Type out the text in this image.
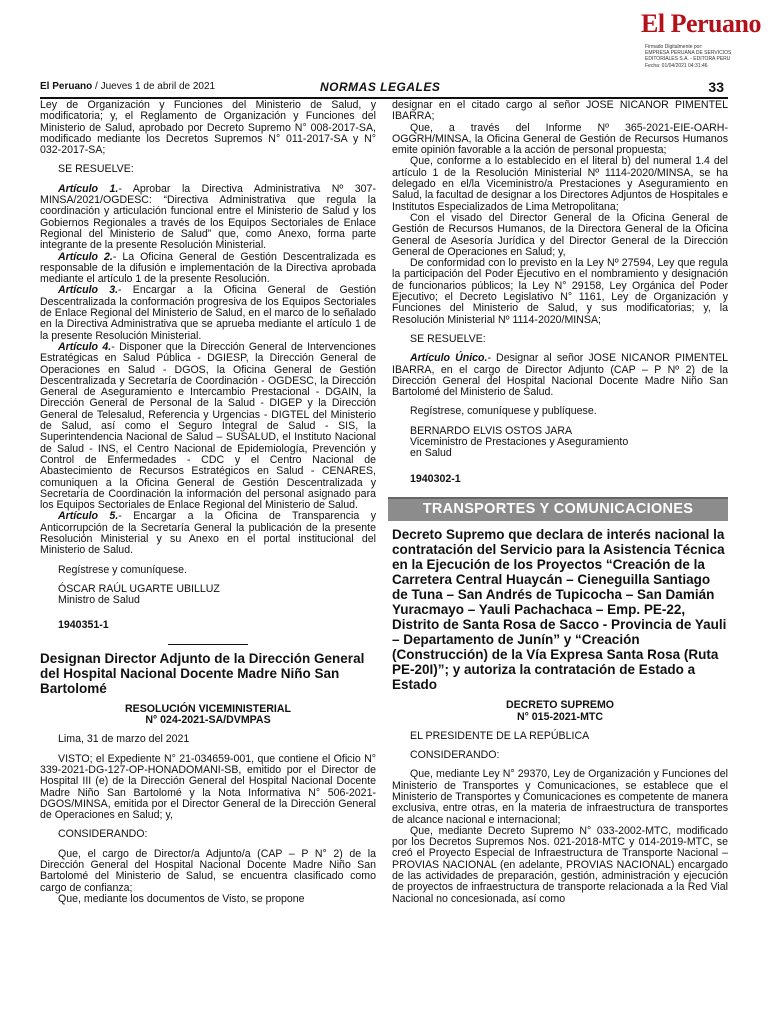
El Peruano
Firmado Digitalmente por:
EMPRESA PERUANA DE SERVICIOS
EDITORIALES S.A. - EDITORA PERU
Fecha: 01/04/2021 04:31:46
El Peruano / Jueves 1 de abril de 2021	NORMAS LEGALES	33

Ley de Organización y Funciones del Ministerio de Salud, y modificatoria; y, el Reglamento de Organización y Funciones del Ministerio de Salud, aprobado por Decreto Supremo N° 008-2017-SA, modificado mediante los Decretos Supremos N° 011-2017-SA y N° 032-2017-SA;

SE RESUELVE:

Artículo 1.- Aprobar la Directiva Administrativa Nº 307-MINSA/2021/OGDESC: “Directiva Administrativa que regula la coordinación y articulación funcional entre el Ministerio de Salud y los Gobiernos Regionales a través de los Equipos Sectoriales de Enlace Regional del Ministerio de Salud” que, como Anexo, forma parte integrante de la presente Resolución Ministerial.

Artículo 2.- La Oficina General de Gestión Descentralizada es responsable de la difusión e implementación de la Directiva aprobada mediante el artículo 1 de la presente Resolución.

Artículo 3.- Encargar a la Oficina General de Gestión Descentralizada la conformación progresiva de los Equipos Sectoriales de Enlace Regional del Ministerio de Salud, en el marco de lo señalado en la Directiva Administrativa que se aprueba mediante el artículo 1 de la presente Resolución Ministerial.

Artículo 4.- Disponer que la Dirección General de Intervenciones Estratégicas en Salud Pública - DGIESP, la Dirección General de Operaciones en Salud - DGOS, la Oficina General de Gestión Descentralizada y Secretaría de Coordinación - OGDESC, la Dirección General de Aseguramiento e Intercambio Prestacional - DGAIN, la Dirección General de Personal de la Salud - DIGEP y la Dirección General de Telesalud, Referencia y Urgencias - DIGTEL del Ministerio de Salud, así como el Seguro Integral de Salud - SIS, la Superintendencia Nacional de Salud – SUSALUD, el Instituto Nacional de Salud - INS, el Centro Nacional de Epidemiología, Prevención y Control de Enfermedades - CDC y el Centro Nacional de Abastecimiento de Recursos Estratégicos en Salud - CENARES, comuniquen a la Oficina General de Gestión Descentralizada y Secretaría de Coordinación la información del personal asignado para los Equipos Sectoriales de Enlace Regional del Ministerio de Salud.

Artículo 5.- Encargar a la Oficina de Transparencia y Anticorrupción de la Secretaría General la publicación de la presente Resolución Ministerial y su Anexo en el portal institucional del Ministerio de Salud.

Regístrese y comuníquese.

ÓSCAR RAÚL UGARTE UBILLUZ

Ministro de Salud

1940351-1
Designan Director Adjunto de la Dirección General del Hospital Nacional Docente Madre Niño San Bartolomé
RESOLUCIÓN VICEMINISTERIAL
N° 024-2021-SA/DVMPAS

Lima, 31 de marzo del 2021

VISTO; el Expediente N° 21-034659-001, que contiene el Oficio N° 339-2021-DG-127-OP-HONADOMANI-SB, emitido por el Director de Hospital III (e) de la Dirección General del Hospital Nacional Docente Madre Niño San Bartolomé y la Nota Informativa N° 506-2021-DGOS/MINSA, emitida por el Director General de la Dirección General de Operaciones en Salud; y,

CONSIDERANDO:

Que, el cargo de Director/a Adjunto/a (CAP – P N° 2) de la Dirección General del Hospital Nacional Docente Madre Niño San Bartolomé del Ministerio de Salud, se encuentra clasificado como cargo de confianza;

Que, mediante los documentos de Visto, se propone

designar en el citado cargo al señor JOSE NICANOR PIMENTEL IBARRA;

Que, a través del Informe Nº 365-2021-EIE-OARH-OGGRH/MINSA, la Oficina General de Gestión de Recursos Humanos emite opinión favorable a la acción de personal propuesta;

Que, conforme a lo establecido en el literal b) del numeral 1.4 del artículo 1 de la Resolución Ministerial Nº 1114-2020/MINSA, se ha delegado en el/la Viceministro/a Prestaciones y Aseguramiento en Salud, la facultad de designar a los Directores Adjuntos de Hospitales e Institutos Especializados de Lima Metropolitana;

Con el visado del Director General de la Oficina General de Gestión de Recursos Humanos, de la Directora General de la Oficina General de Asesoría Jurídica y del Director General de la Dirección General de Operaciones en Salud; y,

De conformidad con lo previsto en la Ley Nº 27594, Ley que regula la participación del Poder Ejecutivo en el nombramiento y designación de funcionarios públicos; la Ley N° 29158, Ley Orgánica del Poder Ejecutivo; el Decreto Legislativo N° 1161, Ley de Organización y Funciones del Ministerio de Salud, y sus modificatorias; y, la Resolución Ministerial Nº 1114-2020/MINSA;

SE RESUELVE:

Artículo Único.- Designar al señor JOSE NICANOR PIMENTEL IBARRA, en el cargo de Director Adjunto (CAP – P Nº 2) de la Dirección General del Hospital Nacional Docente Madre Niño San Bartolomé del Ministerio de Salud.

Regístrese, comuníquese y publíquese.

BERNARDO ELVIS OSTOS JARA

Viceministro de Prestaciones y Aseguramiento

en Salud

1940302-1
TRANSPORTES Y COMUNICACIONES
Decreto Supremo que declara de interés nacional la contratación del Servicio para la Asistencia Técnica en la Ejecución de los Proyectos “Creación de la Carretera Central Huaycán – Cieneguilla Santiago de Tuna – San Andrés de Tupicocha – San Damián Yuracmayo – Yauli Pachachaca – Emp. PE-22, Distrito de Santa Rosa de Sacco - Provincia de Yauli – Departamento de Junín” y “Creación (Construcción) de la Vía Expresa Santa Rosa (Ruta PE-20I)”; y autoriza la contratación de Estado a Estado
DECRETO SUPREMO
N° 015-2021-MTC

EL PRESIDENTE DE LA REPÚBLICA

CONSIDERANDO:

Que, mediante Ley N° 29370, Ley de Organización y Funciones del Ministerio de Transportes y Comunicaciones, se establece que el Ministerio de Transportes y Comunicaciones es competente de manera exclusiva, entre otras, en la materia de infraestructura de transportes de alcance nacional e internacional;

Que, mediante Decreto Supremo N° 033-2002-MTC, modificado por los Decretos Supremos Nos. 021-2018-MTC y 014-2019-MTC, se creó el Proyecto Especial de Infraestructura de Transporte Nacional – PROVIAS NACIONAL (en adelante, PROVIAS NACIONAL) encargado de las actividades de preparación, gestión, administración y ejecución de proyectos de infraestructura de transporte relacionada a la Red Vial Nacional no concesionada, así como
